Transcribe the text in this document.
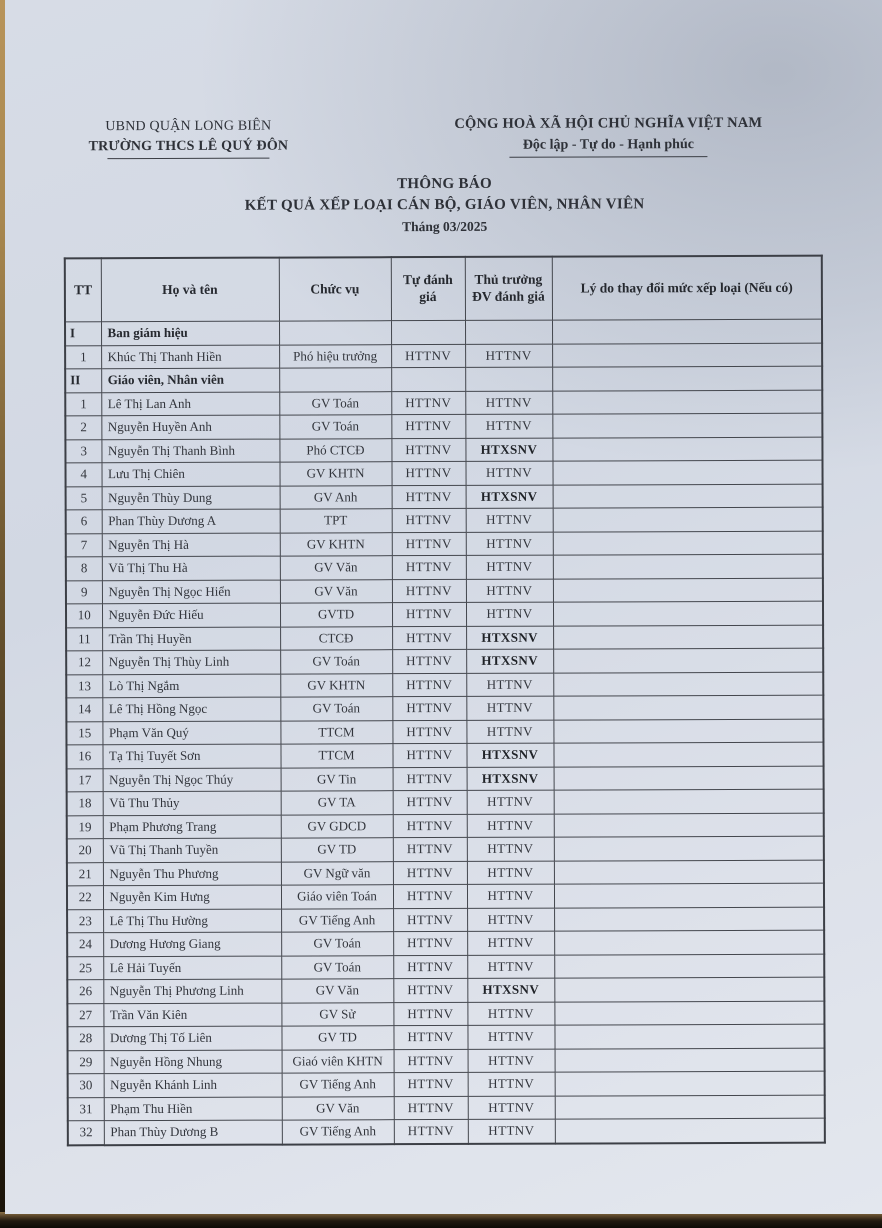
UBND QUẬN LONG BIÊN
TRƯỜNG THCS LÊ QUÝ ĐÔN
CỘNG HOÀ XÃ HỘI CHỦ NGHĨA VIỆT NAM
Độc lập - Tự do - Hạnh phúc
THÔNG BÁO
KẾT QUẢ XẾP LOẠI CÁN BỘ, GIÁO VIÊN, NHÂN VIÊN
Tháng 03/2025
TT	Họ và tên	Chức vụ	Tự đánh giá	Thủ trưởng ĐV đánh giá	Lý do thay đổi mức xếp loại (Nếu có)
I	Ban giám hiệu				
1	Khúc Thị Thanh Hiền	Phó hiệu trưởng	HTTNV	HTTNV	
II	Giáo viên, Nhân viên				
1	Lê Thị Lan Anh	GV Toán	HTTNV	HTTNV	
2	Nguyễn Huyền Anh	GV Toán	HTTNV	HTTNV	
3	Nguyễn Thị Thanh Bình	Phó CTCĐ	HTTNV	HTXSNV	
4	Lưu Thị Chiên	GV KHTN	HTTNV	HTTNV	
5	Nguyễn Thùy Dung	GV Anh	HTTNV	HTXSNV	
6	Phan Thùy Dương A	TPT	HTTNV	HTTNV	
7	Nguyễn Thị Hà	GV KHTN	HTTNV	HTTNV	
8	Vũ Thị Thu Hà	GV Văn	HTTNV	HTTNV	
9	Nguyễn Thị Ngọc Hiển	GV Văn	HTTNV	HTTNV	
10	Nguyễn Đức Hiếu	GVTD	HTTNV	HTTNV	
11	Trần Thị Huyền	CTCĐ	HTTNV	HTXSNV	
12	Nguyễn Thị Thùy Linh	GV Toán	HTTNV	HTXSNV	
13	Lò Thị Ngắm	GV KHTN	HTTNV	HTTNV	
14	Lê Thị Hồng Ngọc	GV Toán	HTTNV	HTTNV	
15	Phạm Văn Quý	TTCM	HTTNV	HTTNV	
16	Tạ Thị Tuyết Sơn	TTCM	HTTNV	HTXSNV	
17	Nguyễn Thị Ngọc Thúy	GV Tin	HTTNV	HTXSNV	
18	Vũ Thu Thủy	GV TA	HTTNV	HTTNV	
19	Phạm Phương Trang	GV GDCD	HTTNV	HTTNV	
20	Vũ Thị Thanh Tuyền	GV TD	HTTNV	HTTNV	
21	Nguyễn Thu Phương	GV Ngữ văn	HTTNV	HTTNV	
22	Nguyễn Kim Hưng	Giáo viên Toán	HTTNV	HTTNV	
23	Lê Thị Thu Hường	GV Tiếng Anh	HTTNV	HTTNV	
24	Dương Hương Giang	GV Toán	HTTNV	HTTNV	
25	Lê Hải Tuyến	GV Toán	HTTNV	HTTNV	
26	Nguyễn Thị Phương Linh	GV Văn	HTTNV	HTXSNV	
27	Trần Văn Kiên	GV Sử	HTTNV	HTTNV	
28	Dương Thị Tố Liên	GV TD	HTTNV	HTTNV	
29	Nguyễn Hồng Nhung	Giaó viên KHTN	HTTNV	HTTNV	
30	Nguyễn Khánh Linh	GV Tiếng Anh	HTTNV	HTTNV	
31	Phạm Thu Hiền	GV Văn	HTTNV	HTTNV	
32	Phan Thùy Dương B	GV Tiếng Anh	HTTNV	HTTNV	
